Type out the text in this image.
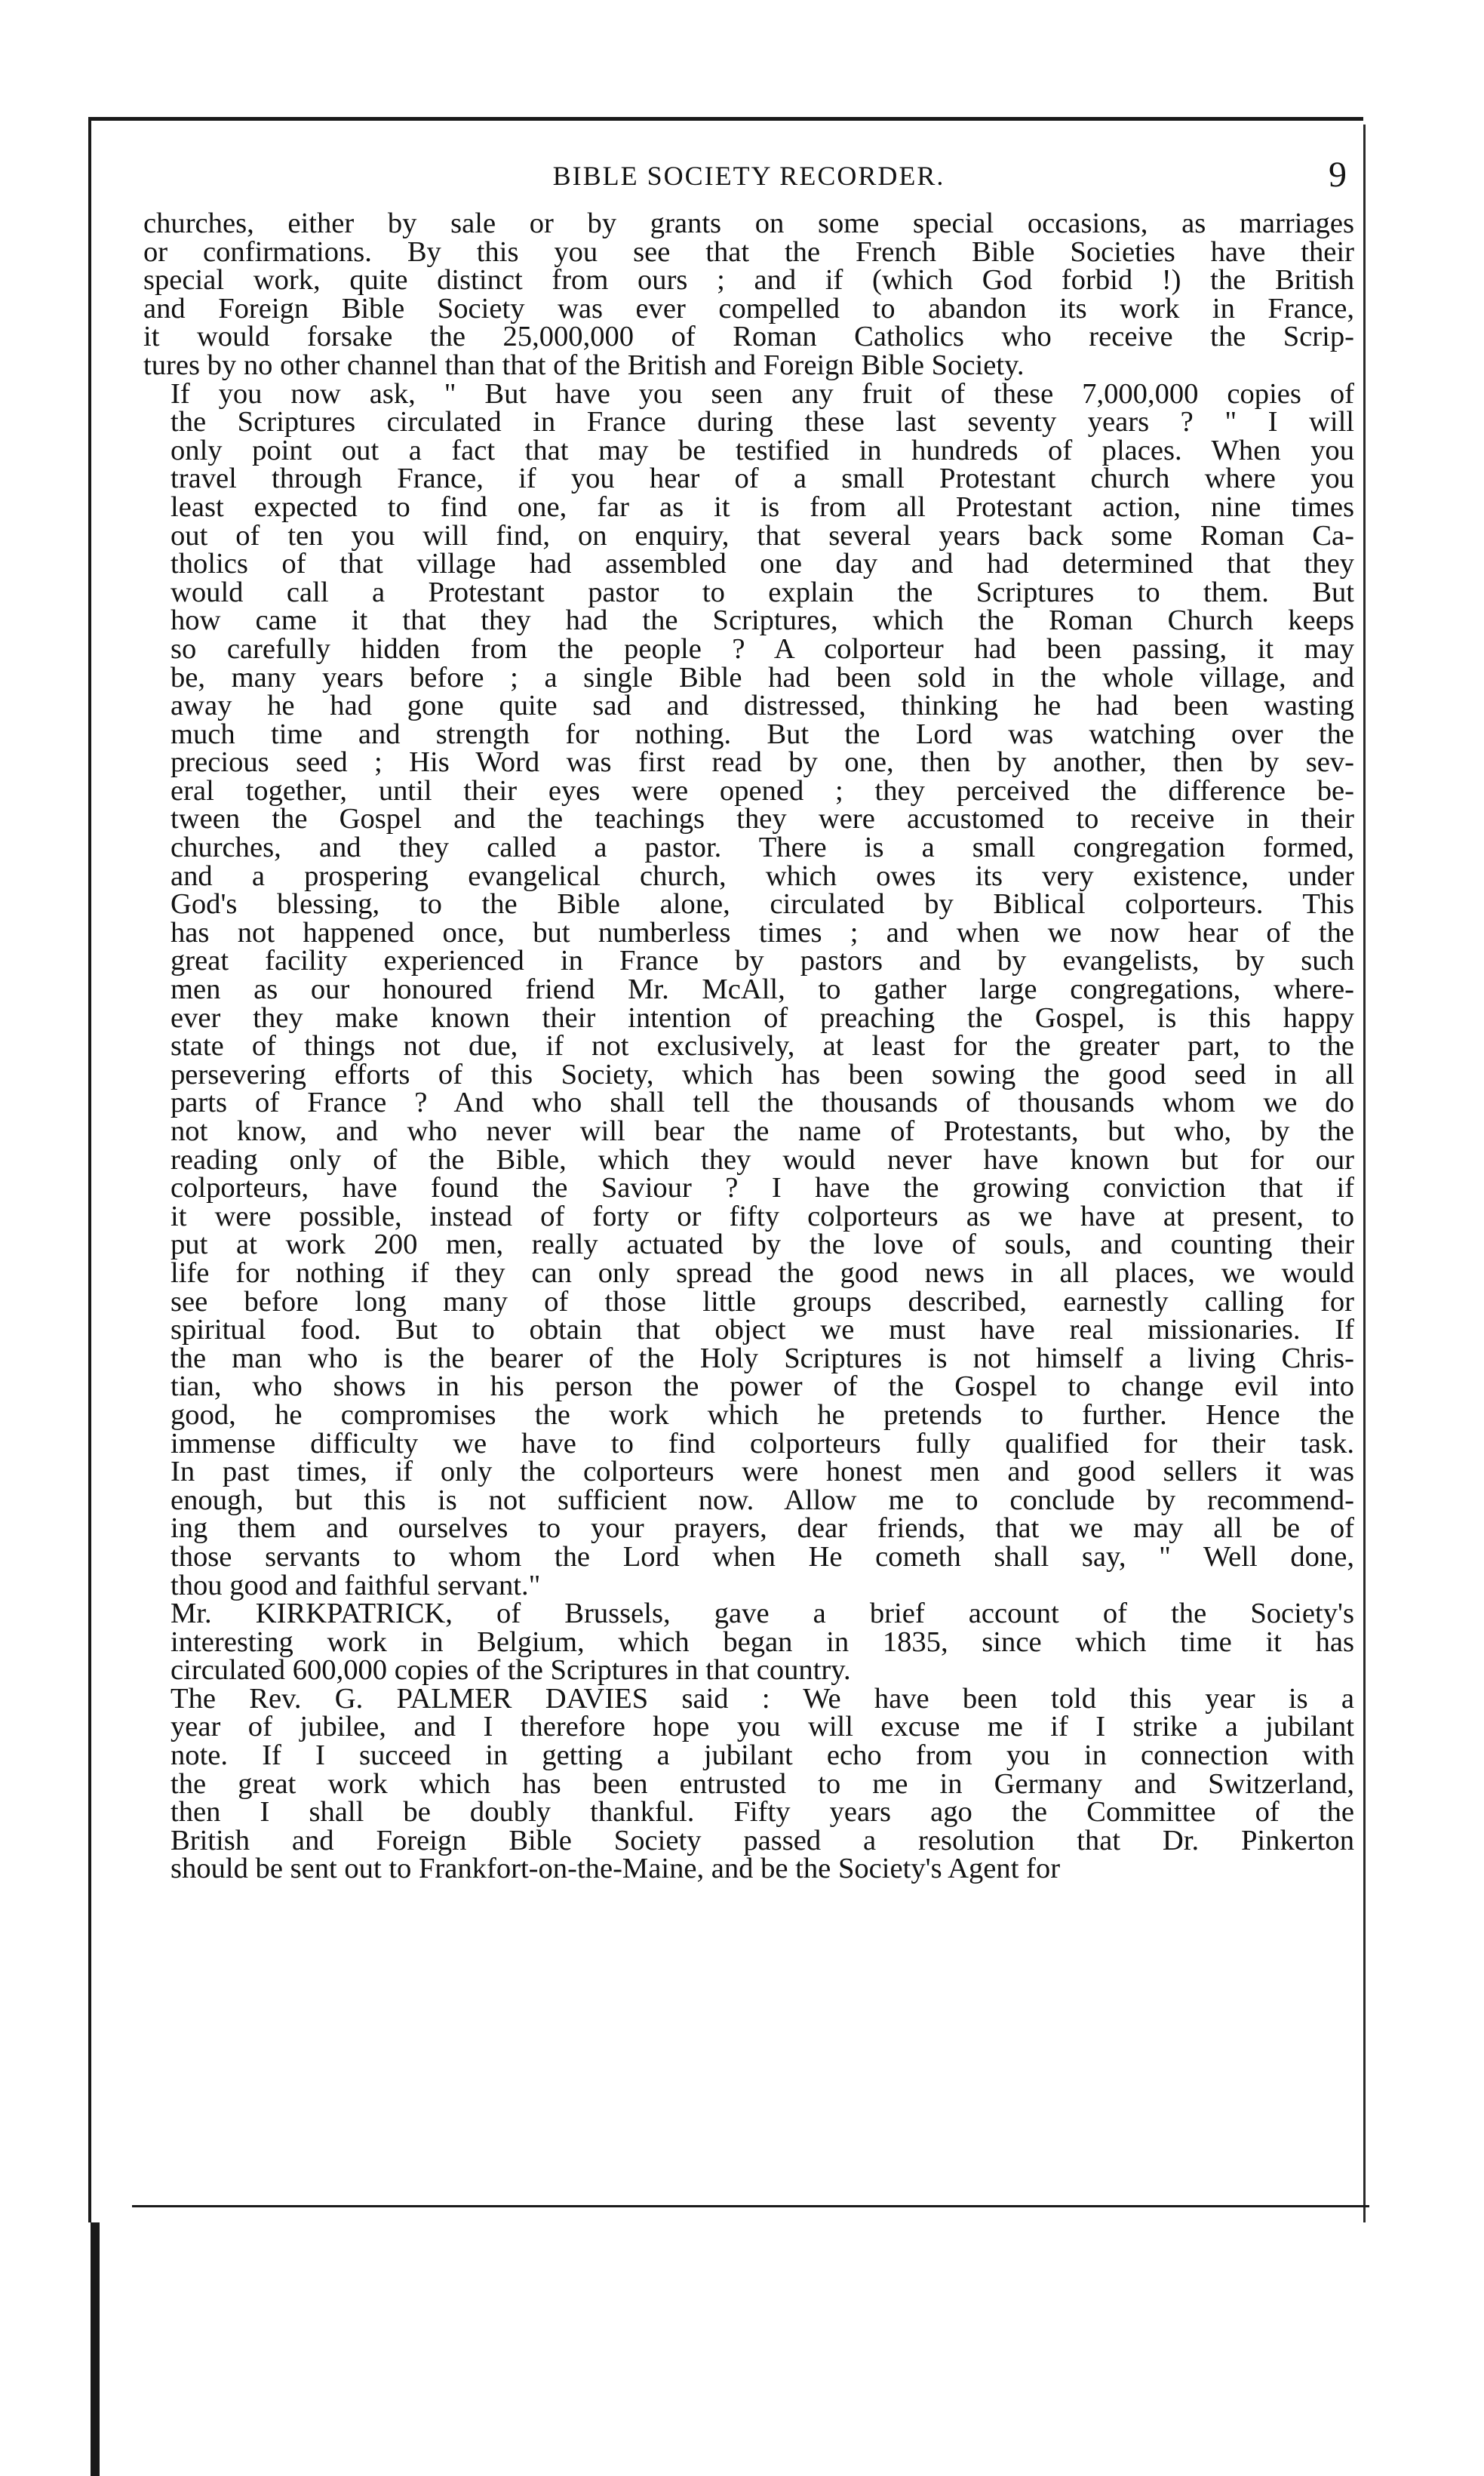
BIBLE SOCIETY RECORDER.	9
churches, either by sale or by grants on some special occasions, as marriages
or confirmations. By this you see that the French Bible Societies have their
special work, quite distinct from ours ; and if (which God forbid !) the British
and Foreign Bible Society was ever compelled to abandon its work in France,
it would forsake the 25,000,000 of Roman Catholics who receive the Scrip-
tures by no other channel than that of the British and Foreign Bible Society.
If you now ask, " But have you seen any fruit of these 7,000,000 copies of
the Scriptures circulated in France during these last seventy years ? " I will
only point out a fact that may be testified in hundreds of places. When you
travel through France, if you hear of a small Protestant church where you
least expected to find one, far as it is from all Protestant action, nine times
out of ten you will find, on enquiry, that several years back some Roman Ca-
tholics of that village had assembled one day and had determined that they
would call a Protestant pastor to explain the Scriptures to them. But
how came it that they had the Scriptures, which the Roman Church keeps
so carefully hidden from the people ? A colporteur had been passing, it may
be, many years before ; a single Bible had been sold in the whole village, and
away he had gone quite sad and distressed, thinking he had been wasting
much time and strength for nothing. But the Lord was watching over the
precious seed ; His Word was first read by one, then by another, then by sev-
eral together, until their eyes were opened ; they perceived the difference be-
tween the Gospel and the teachings they were accustomed to receive in their
churches, and they called a pastor. There is a small congregation formed,
and a prospering evangelical church, which owes its very existence, under
God's blessing, to the Bible alone, circulated by Biblical colporteurs. This
has not happened once, but numberless times ; and when we now hear of the
great facility experienced in France by pastors and by evangelists, by such
men as our honoured friend Mr. McAll, to gather large congregations, where-
ever they make known their intention of preaching the Gospel, is this happy
state of things not due, if not exclusively, at least for the greater part, to the
persevering efforts of this Society, which has been sowing the good seed in all
parts of France ? And who shall tell the thousands of thousands whom we do
not know, and who never will bear the name of Protestants, but who, by the
reading only of the Bible, which they would never have known but for our
colporteurs, have found the Saviour ? I have the growing conviction that if
it were possible, instead of forty or fifty colporteurs as we have at present, to
put at work 200 men, really actuated by the love of souls, and counting their
life for nothing if they can only spread the good news in all places, we would
see before long many of those little groups described, earnestly calling for
spiritual food. But to obtain that object we must have real missionaries. If
the man who is the bearer of the Holy Scriptures is not himself a living Chris-
tian, who shows in his person the power of the Gospel to change evil into
good, he compromises the work which he pretends to further. Hence the
immense difficulty we have to find colporteurs fully qualified for their task.
In past times, if only the colporteurs were honest men and good sellers it was
enough, but this is not sufficient now. Allow me to conclude by recommend-
ing them and ourselves to your prayers, dear friends, that we may all be of
those servants to whom the Lord when He cometh shall say, " Well done,
thou good and faithful servant."
Mr. KIRKPATRICK, of Brussels, gave a brief account of the Society's
interesting work in Belgium, which began in 1835, since which time it has
circulated 600,000 copies of the Scriptures in that country.
The Rev. G. PALMER DAVIES said : We have been told this year is a
year of jubilee, and I therefore hope you will excuse me if I strike a jubilant
note. If I succeed in getting a jubilant echo from you in connection with
the great work which has been entrusted to me in Germany and Switzerland,
then I shall be doubly thankful. Fifty years ago the Committee of the
British and Foreign Bible Society passed a resolution that Dr. Pinkerton
should be sent out to Frankfort-on-the-Maine, and be the Society's Agent for
